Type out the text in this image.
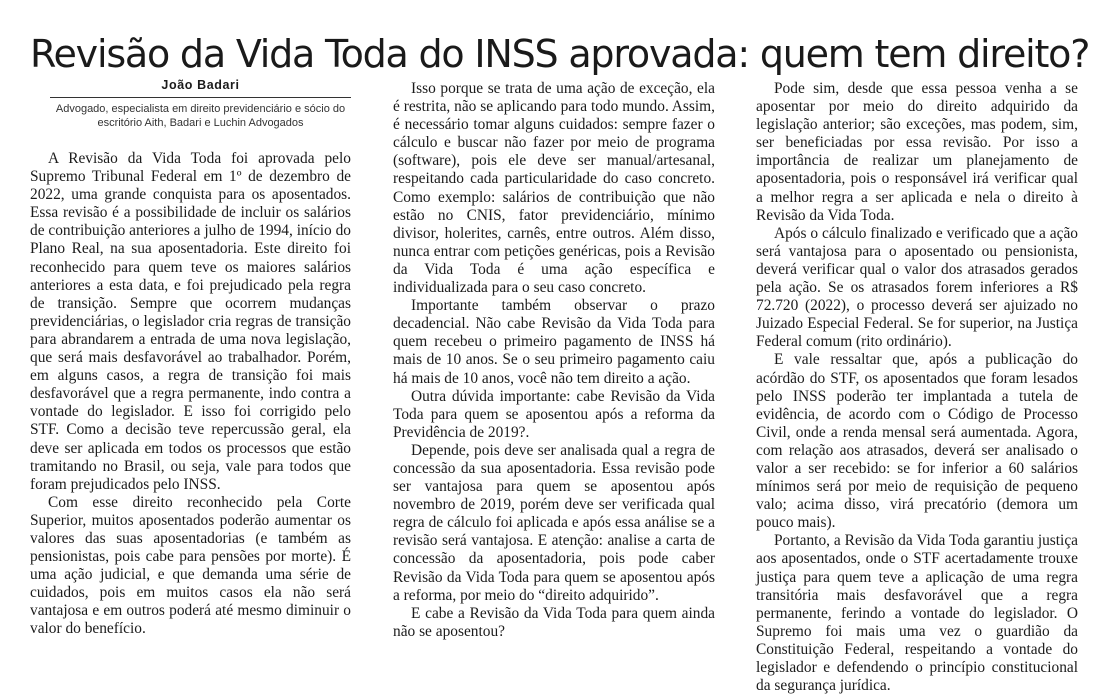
Revisão da Vida Toda do INSS aprovada: quem tem direito?
João Badari
Advogado, especialista em direito previdenciário e sócio do escritório Aith, Badari e Luchin Advogados

A Revisão da Vida Toda foi aprovada pelo Supremo Tribunal Federal em 1º de dezembro de 2022, uma grande conquista para os aposentados. Essa revisão é a possibilidade de incluir os salários de contribuição anteriores a julho de 1994, início do Plano Real, na sua aposentadoria. Este direito foi reconhecido para quem teve os maiores salários anteriores a esta data, e foi prejudicado pela regra de transição. Sempre que ocorrem mudanças previdenciárias, o legislador cria regras de transição para abrandarem a entrada de uma nova legislação, que será mais desfavorável ao trabalhador. Porém, em alguns casos, a regra de transição foi mais desfavorável que a regra permanente, indo contra a vontade do legislador. E isso foi corrigido pelo STF. Como a decisão teve repercussão geral, ela deve ser aplicada em todos os processos que estão tramitando no Brasil, ou seja, vale para todos que foram prejudicados pelo INSS.

Com esse direito reconhecido pela Corte Superior, muitos aposentados poderão aumentar os valores das suas aposentadorias (e também as pensionistas, pois cabe para pensões por morte). É uma ação judicial, e que demanda uma série de cuidados, pois em muitos casos ela não será vantajosa e em outros poderá até mesmo diminuir o valor do benefício.

Isso porque se trata de uma ação de exceção, ela é restrita, não se aplicando para todo mundo. Assim, é necessário tomar alguns cuidados: sempre fazer o cálculo e buscar não fazer por meio de programa (software), pois ele deve ser manual/artesanal, respeitando cada particularidade do caso concreto. Como exemplo: salários de contribuição que não estão no CNIS, fator previdenciário, mínimo divisor, holerites, carnês, entre outros. Além disso, nunca entrar com petições genéricas, pois a Revisão da Vida Toda é uma ação específica e individualizada para o seu caso concreto.

Importante também observar o prazo decadencial. Não cabe Revisão da Vida Toda para quem recebeu o primeiro pagamento de INSS há mais de 10 anos. Se o seu primeiro pagamento caiu há mais de 10 anos, você não tem direito a ação.

Outra dúvida importante: cabe Revisão da Vida Toda para quem se aposentou após a reforma da Previdência de 2019?.

Depende, pois deve ser analisada qual a regra de concessão da sua aposentadoria. Essa revisão pode ser vantajosa para quem se aposentou após novembro de 2019, porém deve ser verificada qual regra de cálculo foi aplicada e após essa análise se a revisão será vantajosa. E atenção: analise a carta de concessão da aposentadoria, pois pode caber Revisão da Vida Toda para quem se aposentou após a reforma, por meio do “direito adquirido”.

E cabe a Revisão da Vida Toda para quem ainda não se aposentou?

Pode sim, desde que essa pessoa venha a se aposentar por meio do direito adquirido da legislação anterior; são exceções, mas podem, sim, ser beneficiadas por essa revisão. Por isso a importância de realizar um planejamento de aposentadoria, pois o responsável irá verificar qual a melhor regra a ser aplicada e nela o direito à Revisão da Vida Toda.

Após o cálculo finalizado e verificado que a ação será vantajosa para o aposentado ou pensionista, deverá verificar qual o valor dos atrasados gerados pela ação. Se os atrasados forem inferiores a R$ 72.720 (2022), o processo deverá ser ajuizado no Juizado Especial Federal. Se for superior, na Justiça Federal comum (rito ordinário).

E vale ressaltar que, após a publicação do acórdão do STF, os aposentados que foram lesados pelo INSS poderão ter implantada a tutela de evidência, de acordo com o Código de Processo Civil, onde a renda mensal será aumentada. Agora, com relação aos atrasados, deverá ser analisado o valor a ser recebido: se for inferior a 60 salários mínimos será por meio de requisição de pequeno valo; acima disso, virá precatório (demora um pouco mais).

Portanto, a Revisão da Vida Toda garantiu justiça aos aposentados, onde o STF acertadamente trouxe justiça para quem teve a aplicação de uma regra transitória mais desfavorável que a regra permanente, ferindo a vontade do legislador. O Supremo foi mais uma vez o guardião da Constituição Federal, respeitando a vontade do legislador e defendendo o princípio constitucional da segurança jurídica.
